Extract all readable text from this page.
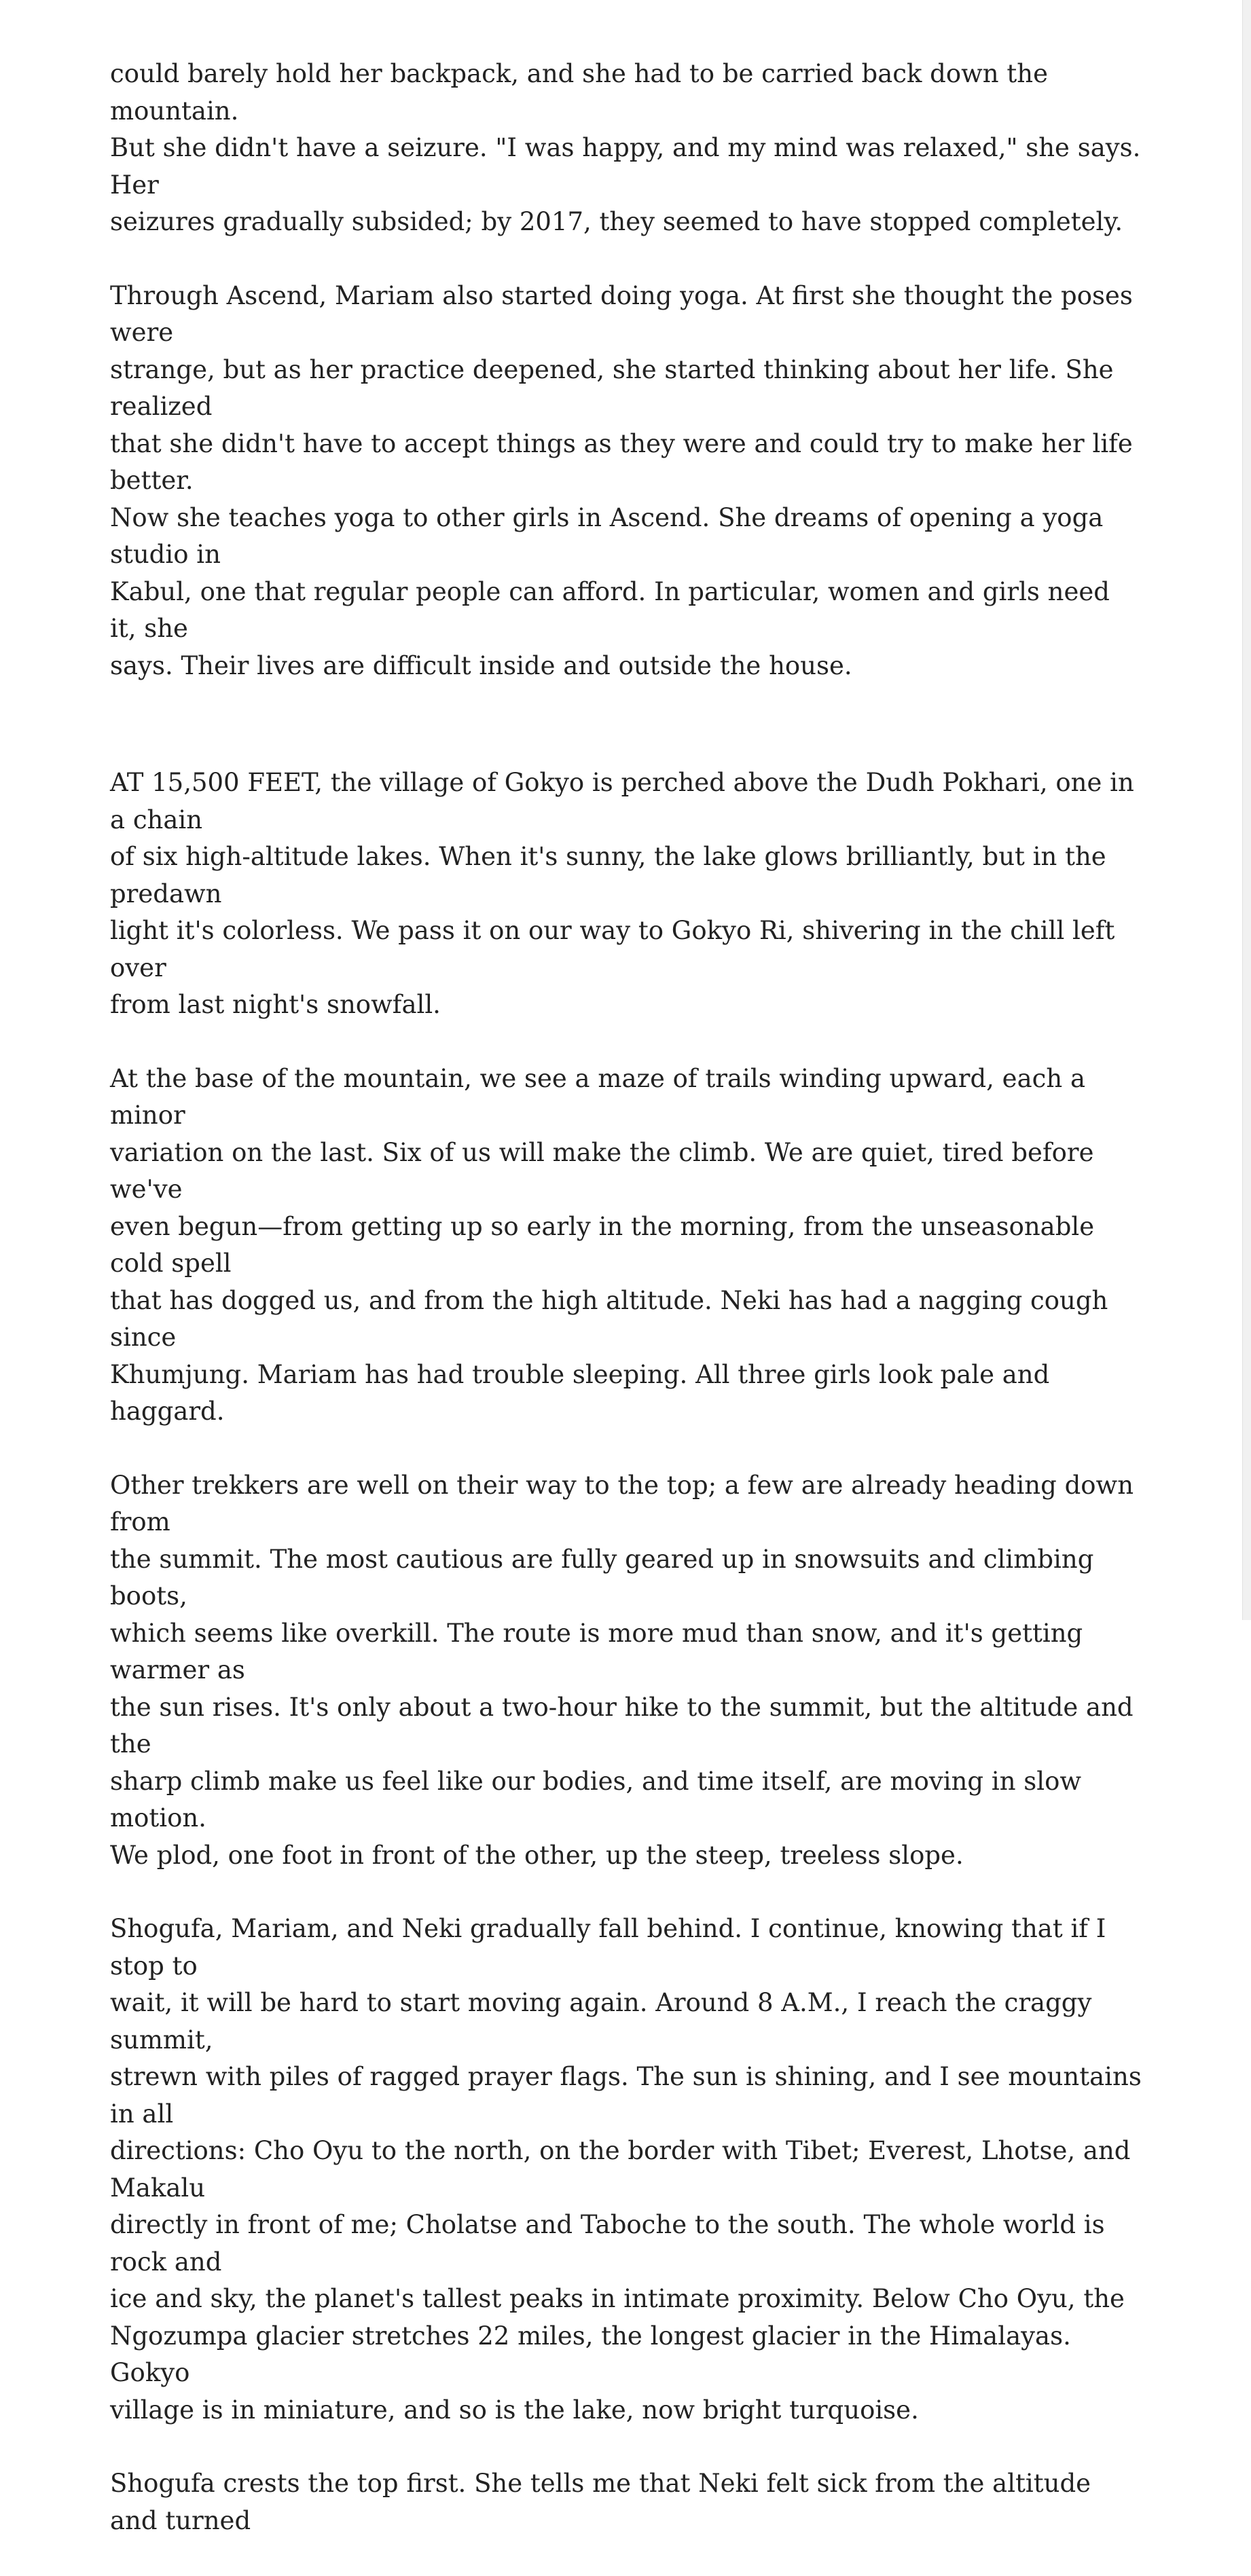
could barely hold her backpack, and she had to be carried back down the mountain.
But she didn't have a seizure. "I was happy, and my mind was relaxed," she says. Her
seizures gradually subsided; by 2017, they seemed to have stopped completely.

Through Ascend, Mariam also started doing yoga. At first she thought the poses were
strange, but as her practice deepened, she started thinking about her life. She realized
that she didn't have to accept things as they were and could try to make her life better.
Now she teaches yoga to other girls in Ascend. She dreams of opening a yoga studio in
Kabul, one that regular people can afford. In particular, women and girls need it, she
says. Their lives are difficult inside and outside the house.

AT 15,500 FEET, the village of Gokyo is perched above the Dudh Pokhari, one in a chain
of six high-altitude lakes. When it's sunny, the lake glows brilliantly, but in the predawn
light it's colorless. We pass it on our way to Gokyo Ri, shivering in the chill left over
from last night's snowfall.

At the base of the mountain, we see a maze of trails winding upward, each a minor
variation on the last. Six of us will make the climb. We are quiet, tired before we've
even begun—from getting up so early in the morning, from the unseasonable cold spell
that has dogged us, and from the high altitude. Neki has had a nagging cough since
Khumjung. Mariam has had trouble sleeping. All three girls look pale and haggard.

Other trekkers are well on their way to the top; a few are already heading down from
the summit. The most cautious are fully geared up in snowsuits and climbing boots,
which seems like overkill. The route is more mud than snow, and it's getting warmer as
the sun rises. It's only about a two-hour hike to the summit, but the altitude and the
sharp climb make us feel like our bodies, and time itself, are moving in slow motion.
We plod, one foot in front of the other, up the steep, treeless slope.

Shogufa, Mariam, and Neki gradually fall behind. I continue, knowing that if I stop to
wait, it will be hard to start moving again. Around 8 A.M., I reach the craggy summit,
strewn with piles of ragged prayer flags. The sun is shining, and I see mountains in all
directions: Cho Oyu to the north, on the border with Tibet; Everest, Lhotse, and Makalu
directly in front of me; Cholatse and Taboche to the south. The whole world is rock and
ice and sky, the planet's tallest peaks in intimate proximity. Below Cho Oyu, the
Ngozumpa glacier stretches 22 miles, the longest glacier in the Himalayas. Gokyo
village is in miniature, and so is the lake, now bright turquoise.

Shogufa crests the top first. She tells me that Neki felt sick from the altitude and turned
